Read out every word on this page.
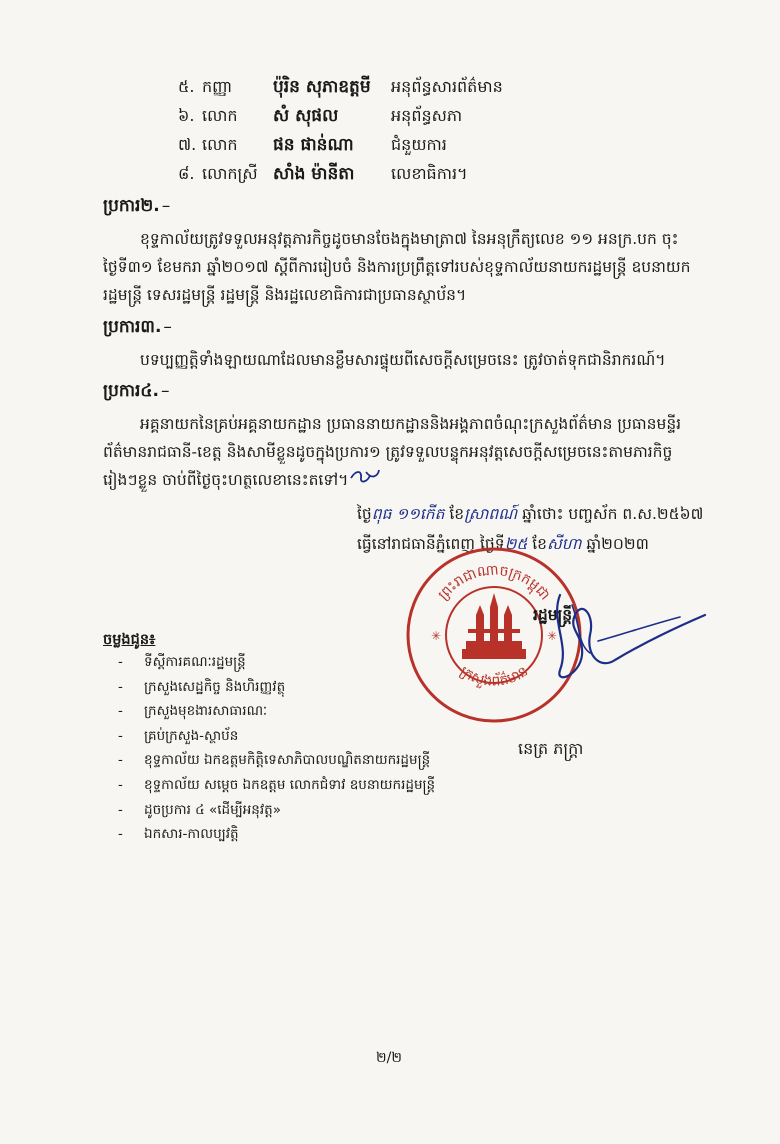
៥. កញ្ញា ប៉ុរិន សុភាឧត្តមី អនុព័ន្ធសារព័ត៌មាន
៦. លោក សំ សុផល	អនុព័ន្ធសភា
៧. លោក ផន ផាន់ណា ជំនួយការ
៨. លោកស្រី សាំង ម៉ានីតា លេខាធិការ។
ប្រការ២. –
ខុទ្ទកាល័យត្រូវទទួលអនុវត្តភារកិច្ចដូចមានចែងក្នុងមាត្រា៧ នៃអនុក្រឹត្យលេខ ១១ អនក្រ.បក ចុះ
ថ្ងៃទី៣១ ខែមករា ឆ្នាំ២០១៧ ស្តីពីការរៀបចំ និងការប្រព្រឹត្តទៅរបស់ខុទ្ទកាល័យនាយករដ្ឋមន្ត្រី ឧបនាយក
រដ្ឋមន្ត្រី ទេសរដ្ឋមន្ត្រី រដ្ឋមន្ត្រី និងរដ្ឋលេខាធិការជាប្រធានស្ថាប័ន។
ប្រការ៣. –
បទប្បញ្ញត្តិទាំងឡាយណាដែលមានខ្លឹមសារផ្ទុយពីសេចក្តីសម្រេចនេះ ត្រូវចាត់ទុកជានិរាករណ៍។
ប្រការ៤. –
អគ្គនាយកនៃគ្រប់អគ្គនាយកដ្ឋាន ប្រធាននាយកដ្ឋាននិងអង្គភាពចំណុះក្រសួងព័ត៌មាន ប្រធានមន្ទីរ
ព័ត៌មានរាជធានី-ខេត្ត និងសាមីខ្លួនដូចក្នុងប្រការ១ ត្រូវទទួលបន្ទុកអនុវត្តសេចក្តីសម្រេចនេះតាមភារកិច្ច
រៀងៗខ្លួន ចាប់ពីថ្ងៃចុះហត្ថលេខានេះតទៅ។
ថ្ងៃពុធ ១១កើត ខែស្រាពណ៍ ឆ្នាំថោះ បញ្ចស័ក ព.ស.២៥៦៧
ធ្វើនៅរាជធានីភ្នំពេញ ថ្ងៃទី២៥ ខែសីហា ឆ្នាំ២០២៣
ព្រះរាជាណាចក្រកម្ពុជា
ក្រសួងព័ត៌មាន
✳	✳
រដ្ឋមន្ត្រី
នេត្រ ភក្ត្រា
ចម្លងជូន៖
- ទីស្តីការគណៈរដ្ឋមន្ត្រី
- ក្រសួងសេដ្ឋកិច្ច និងហិរញ្ញវត្ថុ
- ក្រសួងមុខងារសាធារណៈ
- គ្រប់ក្រសួង-ស្ថាប័ន
- ខុទ្ទកាល័យ ឯកឧត្តមកិត្តិទេសាភិបាលបណ្ឌិតនាយករដ្ឋមន្ត្រី
- ខុទ្ទកាល័យ សម្តេច ឯកឧត្តម លោកជំទាវ ឧបនាយករដ្ឋមន្ត្រី
- ដូចប្រការ ៤ «ដើម្បីអនុវត្ត»
- ឯកសារ-កាលប្បវត្តិ
២/២
